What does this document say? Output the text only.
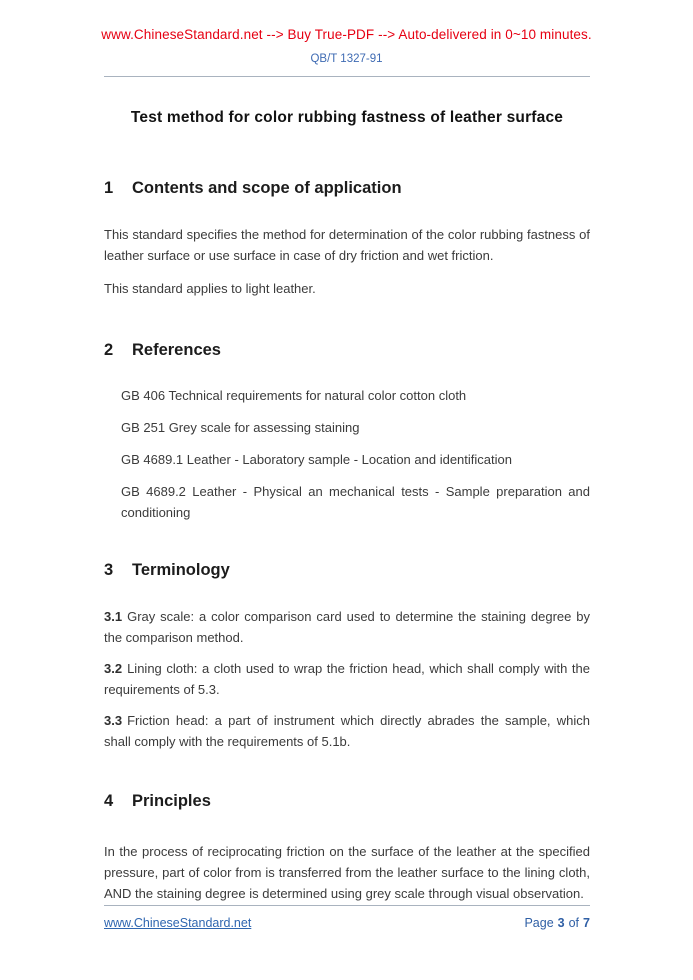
www.ChineseStandard.net --> Buy True-PDF --> Auto-delivered in 0~10 minutes.
QB/T 1327-91
Test method for color rubbing fastness of leather surface
1	Contents and scope of application

This standard specifies the method for determination of the color rubbing fastness of leather surface or use surface in case of dry friction and wet friction.

This standard applies to light leather.

2	References

GB 406 Technical requirements for natural color cotton cloth

GB 251 Grey scale for assessing staining

GB 4689.1 Leather - Laboratory sample - Location and identification

GB 4689.2 Leather - Physical an mechanical tests - Sample preparation and conditioning

3	Terminology

3.1 Gray scale: a color comparison card used to determine the staining degree by the comparison method.

3.2 Lining cloth: a cloth used to wrap the friction head, which shall comply with the requirements of 5.3.

3.3 Friction head: a part of instrument which directly abrades the sample, which shall comply with the requirements of 5.1b.

4	Principles

In the process of reciprocating friction on the surface of the leather at the specified pressure, part of color from is transferred from the leather surface to the lining cloth, AND the staining degree is determined using grey scale through visual observation.

www.ChineseStandard.net	Page 3 of 7
